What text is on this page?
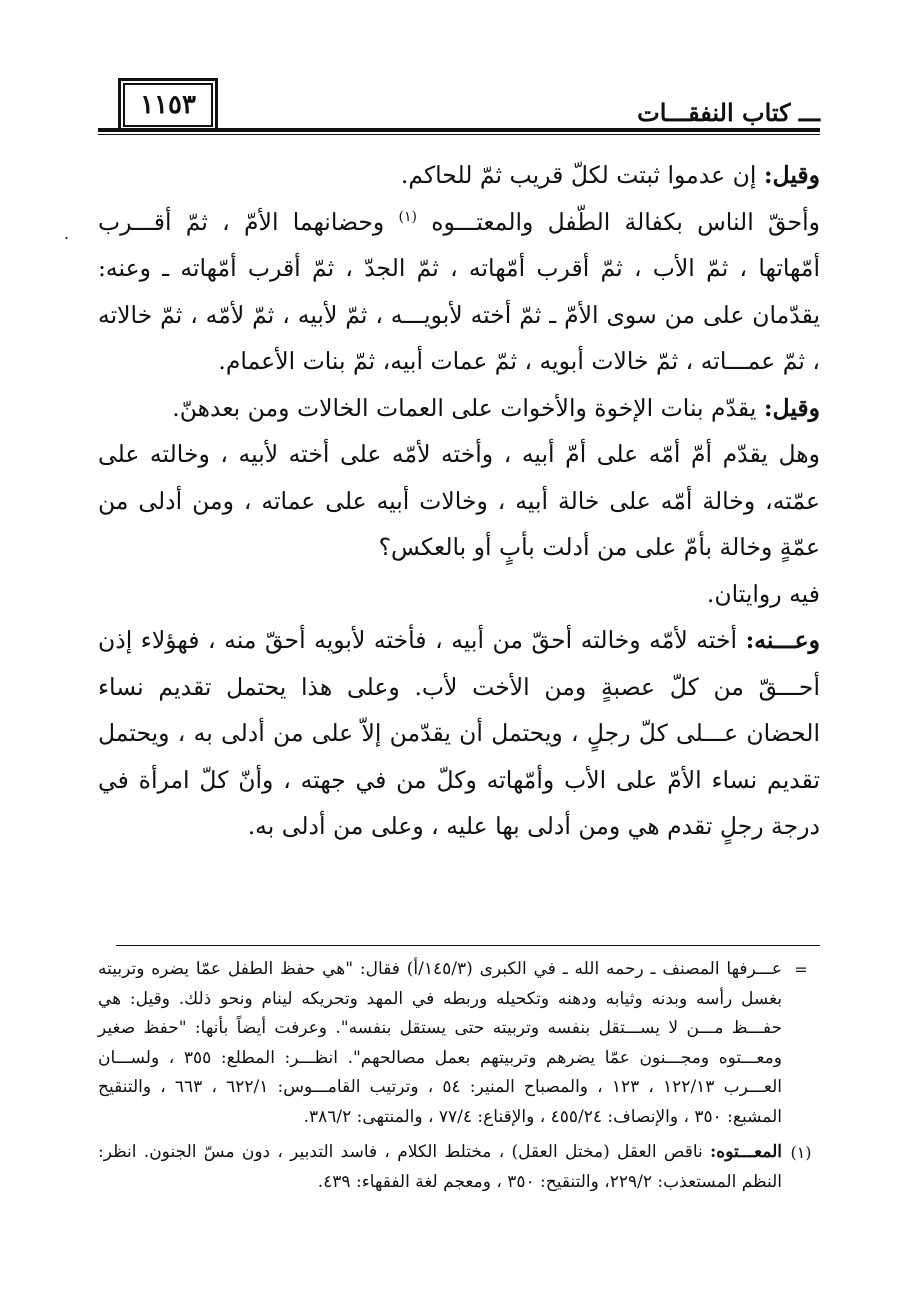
١١٥٣	ـــ كتاب النفقـــات
.

وقيل: إن عدموا ثبتت لكلّ قريب ثمّ للحاكم.

وأحقّ الناس بكفالة الطّفل والمعتـــوه $^{(١)}$ وحضانهما الأمّ ، ثمّ أقـــرب أمّهاتها ، ثمّ الأب ، ثمّ أقرب أمّهاته ، ثمّ الجدّ ، ثمّ أقرب أمّهاته ـ وعنه: يقدّمان على من سوى الأمّ ـ ثمّ أخته لأبويـــه ، ثمّ لأبيه ، ثمّ لأمّه ، ثمّ خالاته ، ثمّ عمـــاته ، ثمّ خالات أبويه ، ثمّ عمات أبيه، ثمّ بنات الأعمام.

وقيل: يقدّم بنات الإخوة والأخوات على العمات الخالات ومن بعدهنّ.

وهل يقدّم أمّ أمّه على أمّ أبيه ، وأخته لأمّه على أخته لأبيه ، وخالته على عمّته، وخالة أمّه على خالة أبيه ، وخالات أبيه على عماته ، ومن أدلى من عمّةٍ وخالة بأمّ على من أدلت بأبٍ أو بالعكس؟

فيه روايتان.

وعـــنه: أخته لأمّه وخالته أحقّ من أبيه ، فأخته لأبويه أحقّ منه ، فهؤلاء إذن أحـــقّ من كلّ عصبةٍ ومن الأخت لأب. وعلى هذا يحتمل تقديم نساء الحضان عـــلى كلّ رجلٍ ، ويحتمل أن يقدّمن إلاّ على من أدلى به ، ويحتمل تقديم نساء الأمّ على الأب وأمّهاته وكلّ من في جهته ، وأنّ كلّ امرأة في درجة رجلٍ تقدم هي ومن أدلى بها عليه ، وعلى من أدلى به.

=
عـــرفها المصنف ـ رحمه الله ـ في الكبرى (١٤٥/٣/أ) فقال: "هي حفظ الطفل عمّا يضره وتربيته بغسل رأسه وبدنه وثيابه ودهنه وتكحيله وربطه في المهد وتحريكه لينام ونحو ذلك. وقيل: هي حفـــظ مـــن لا يســـتقل بنفسه وتربيته حتى يستقل بنفسه". وعرفت أيضاً بأنها: "حفظ صغير ومعـــتوه ومجـــنون عمّا يضرهم وتربيتهم بعمل مصالحهم". انظـــر: المطلع: ٣٥٥ ، ولســـان العـــرب ١٢٢/١٣ ، ١٢٣ ، والمصباح المنير: ٥٤ ، وترتيب القامـــوس: ٦٢٢/١ ، ٦٦٣ ، والتنقيح المشبع: ٣٥٠ ، والإنصاف: ٤٥٥/٢٤ ، والإقناع: ٧٧/٤ ، والمنتهى: ٣٨٦/٢.
(١)
المعـــتوه: ناقص العقل (مختل العقل) ، مختلط الكلام ، فاسد التدبير ، دون مسّ الجنون. انظر: النظم المستعذب: ٢٢٩/٢، والتنقيح: ٣٥٠ ، ومعجم لغة الفقهاء: ٤٣٩.
